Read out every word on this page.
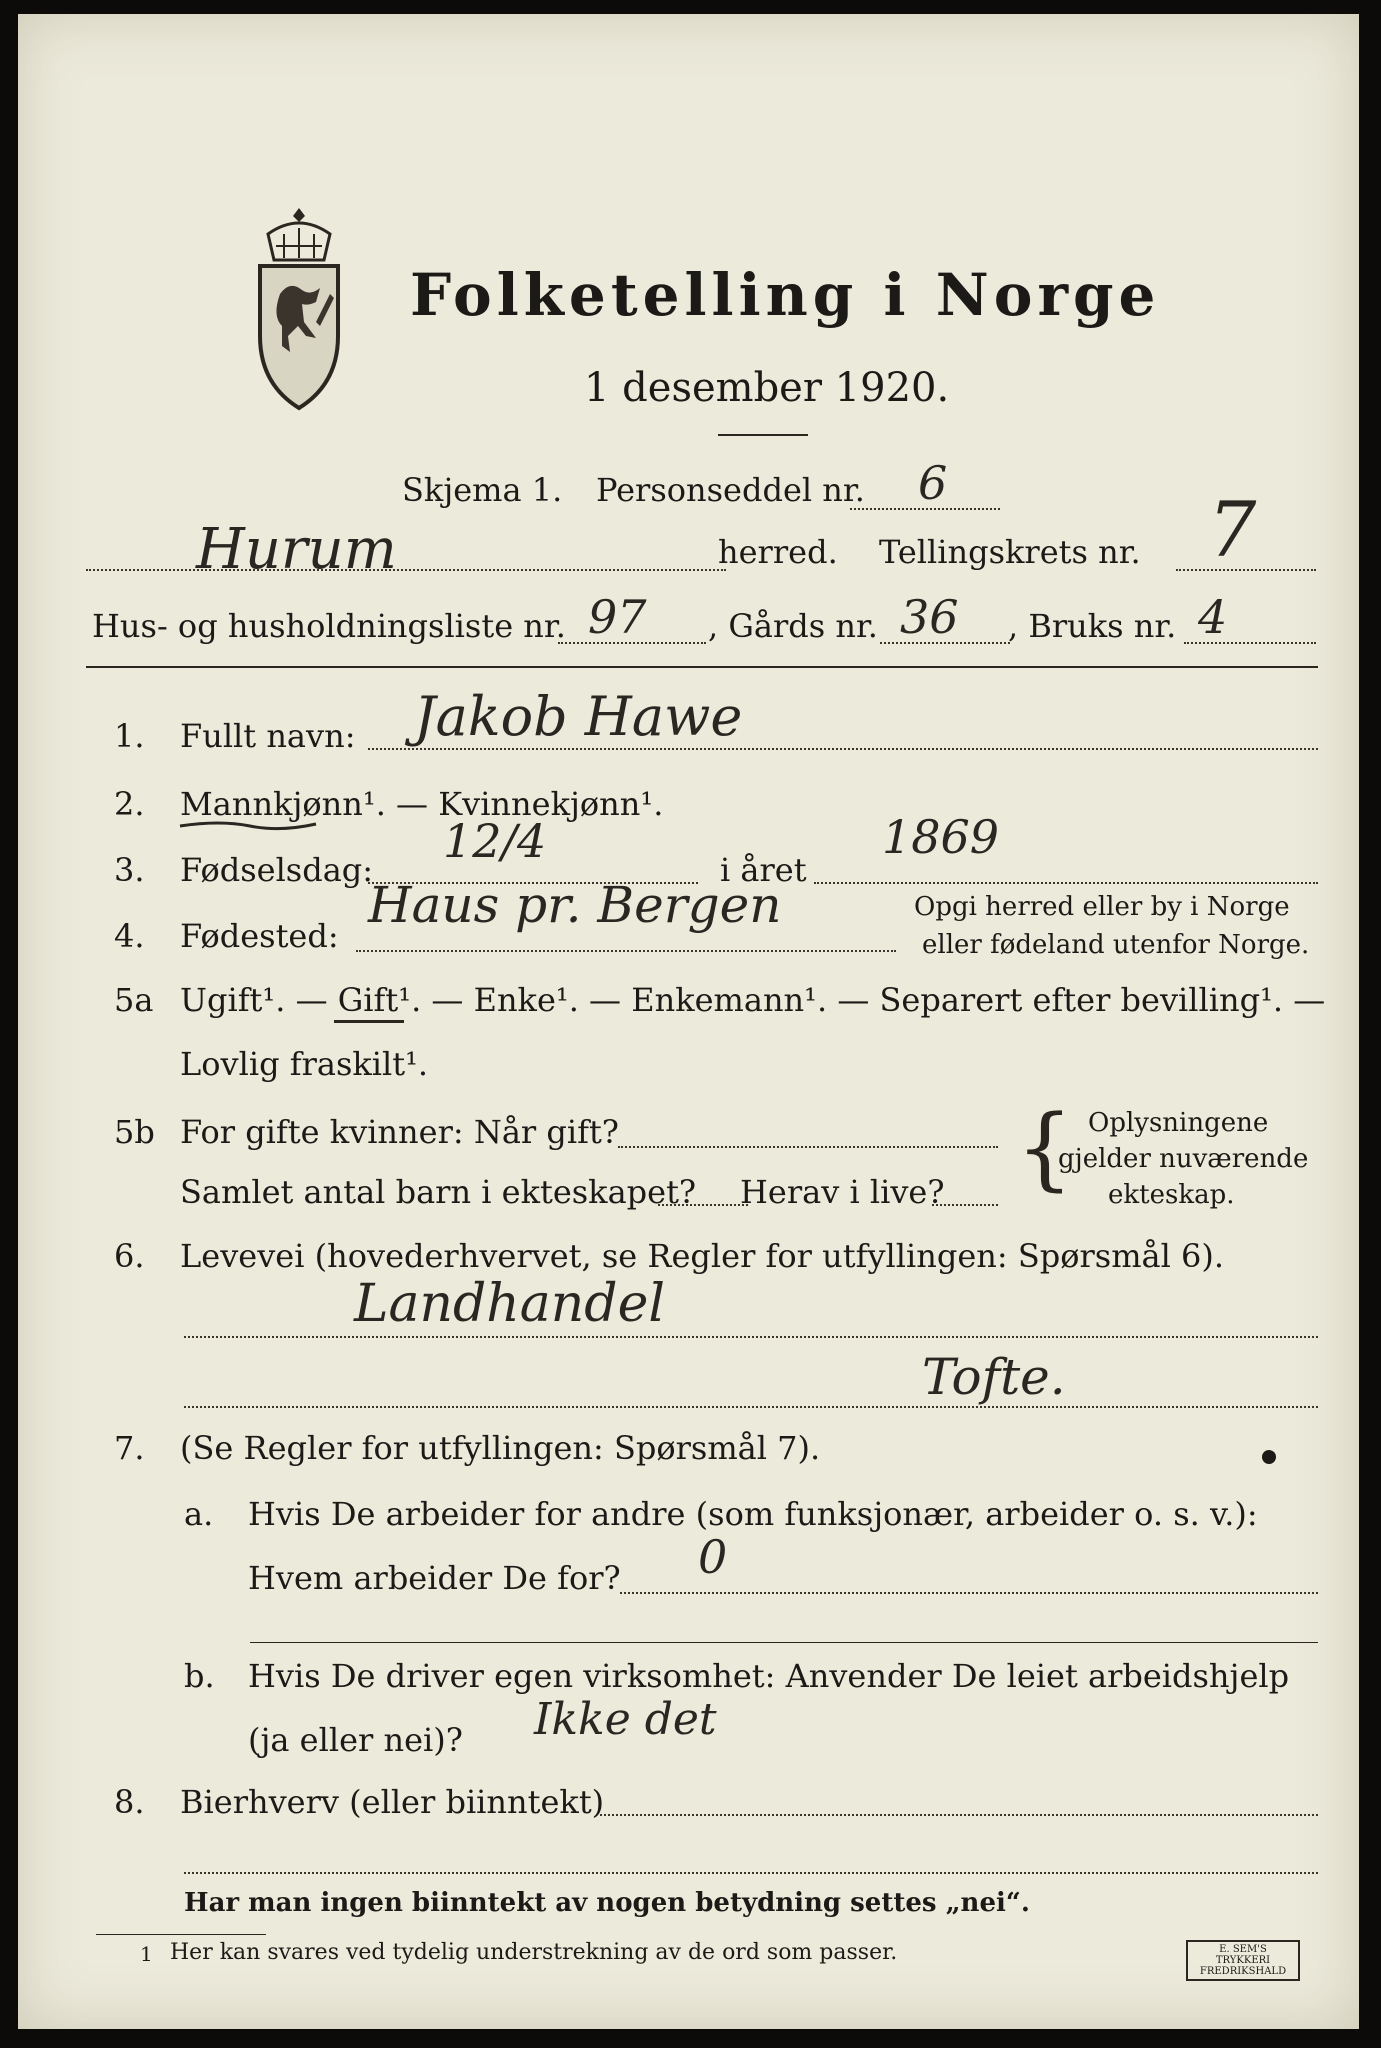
Folketelling i Norge
1 desember 1920.
Skjema 1. Personseddel nr. 6
Hurum	herred. Tellingskrets nr. 7
Hus- og husholdningsliste nr. 97 , Gårds nr. 36 , Bruks nr. 4
1. Fullt navn: Jakob Hawe
2. Mannkjønn¹. — Kvinnekjønn¹.
3. Fødselsdag:
12/4
i året
1869
4. Fødested:
Haus pr. Bergen	Opgi herred eller by i Norge
eller fødeland utenfor Norge.
5a Ugift¹. — Gift¹. — Enke¹. — Enkemann¹. — Separert efter bevilling¹. —
Lovlig fraskilt¹.
5b For gifte kvinner: Når gift?
Samlet antal barn i ekteskapet? Herav i live? { Oplysningene
gjelder nuværende
ekteskap.
6. Levevei (hovederhvervet, se Regler for utfyllingen: Spørsmål 6).
Landhandel
Tofte.
7. (Se Regler for utfyllingen: Spørsmål 7).
a. Hvis De arbeider for andre (som funksjonær, arbeider o. s. v.):
Hvem arbeider De for? 0
b. Hvis De driver egen virksomhet: Anvender De leiet arbeidshjelp
(ja eller nei)? Ikke det
8. Bierhverv (eller biinntekt)
Har man ingen biinntekt av nogen betydning settes „nei“.
1 Her kan svares ved tydelig understrekning av de ord som passer.	E. SEM'S TRYKKERI FREDRIKSHALD
